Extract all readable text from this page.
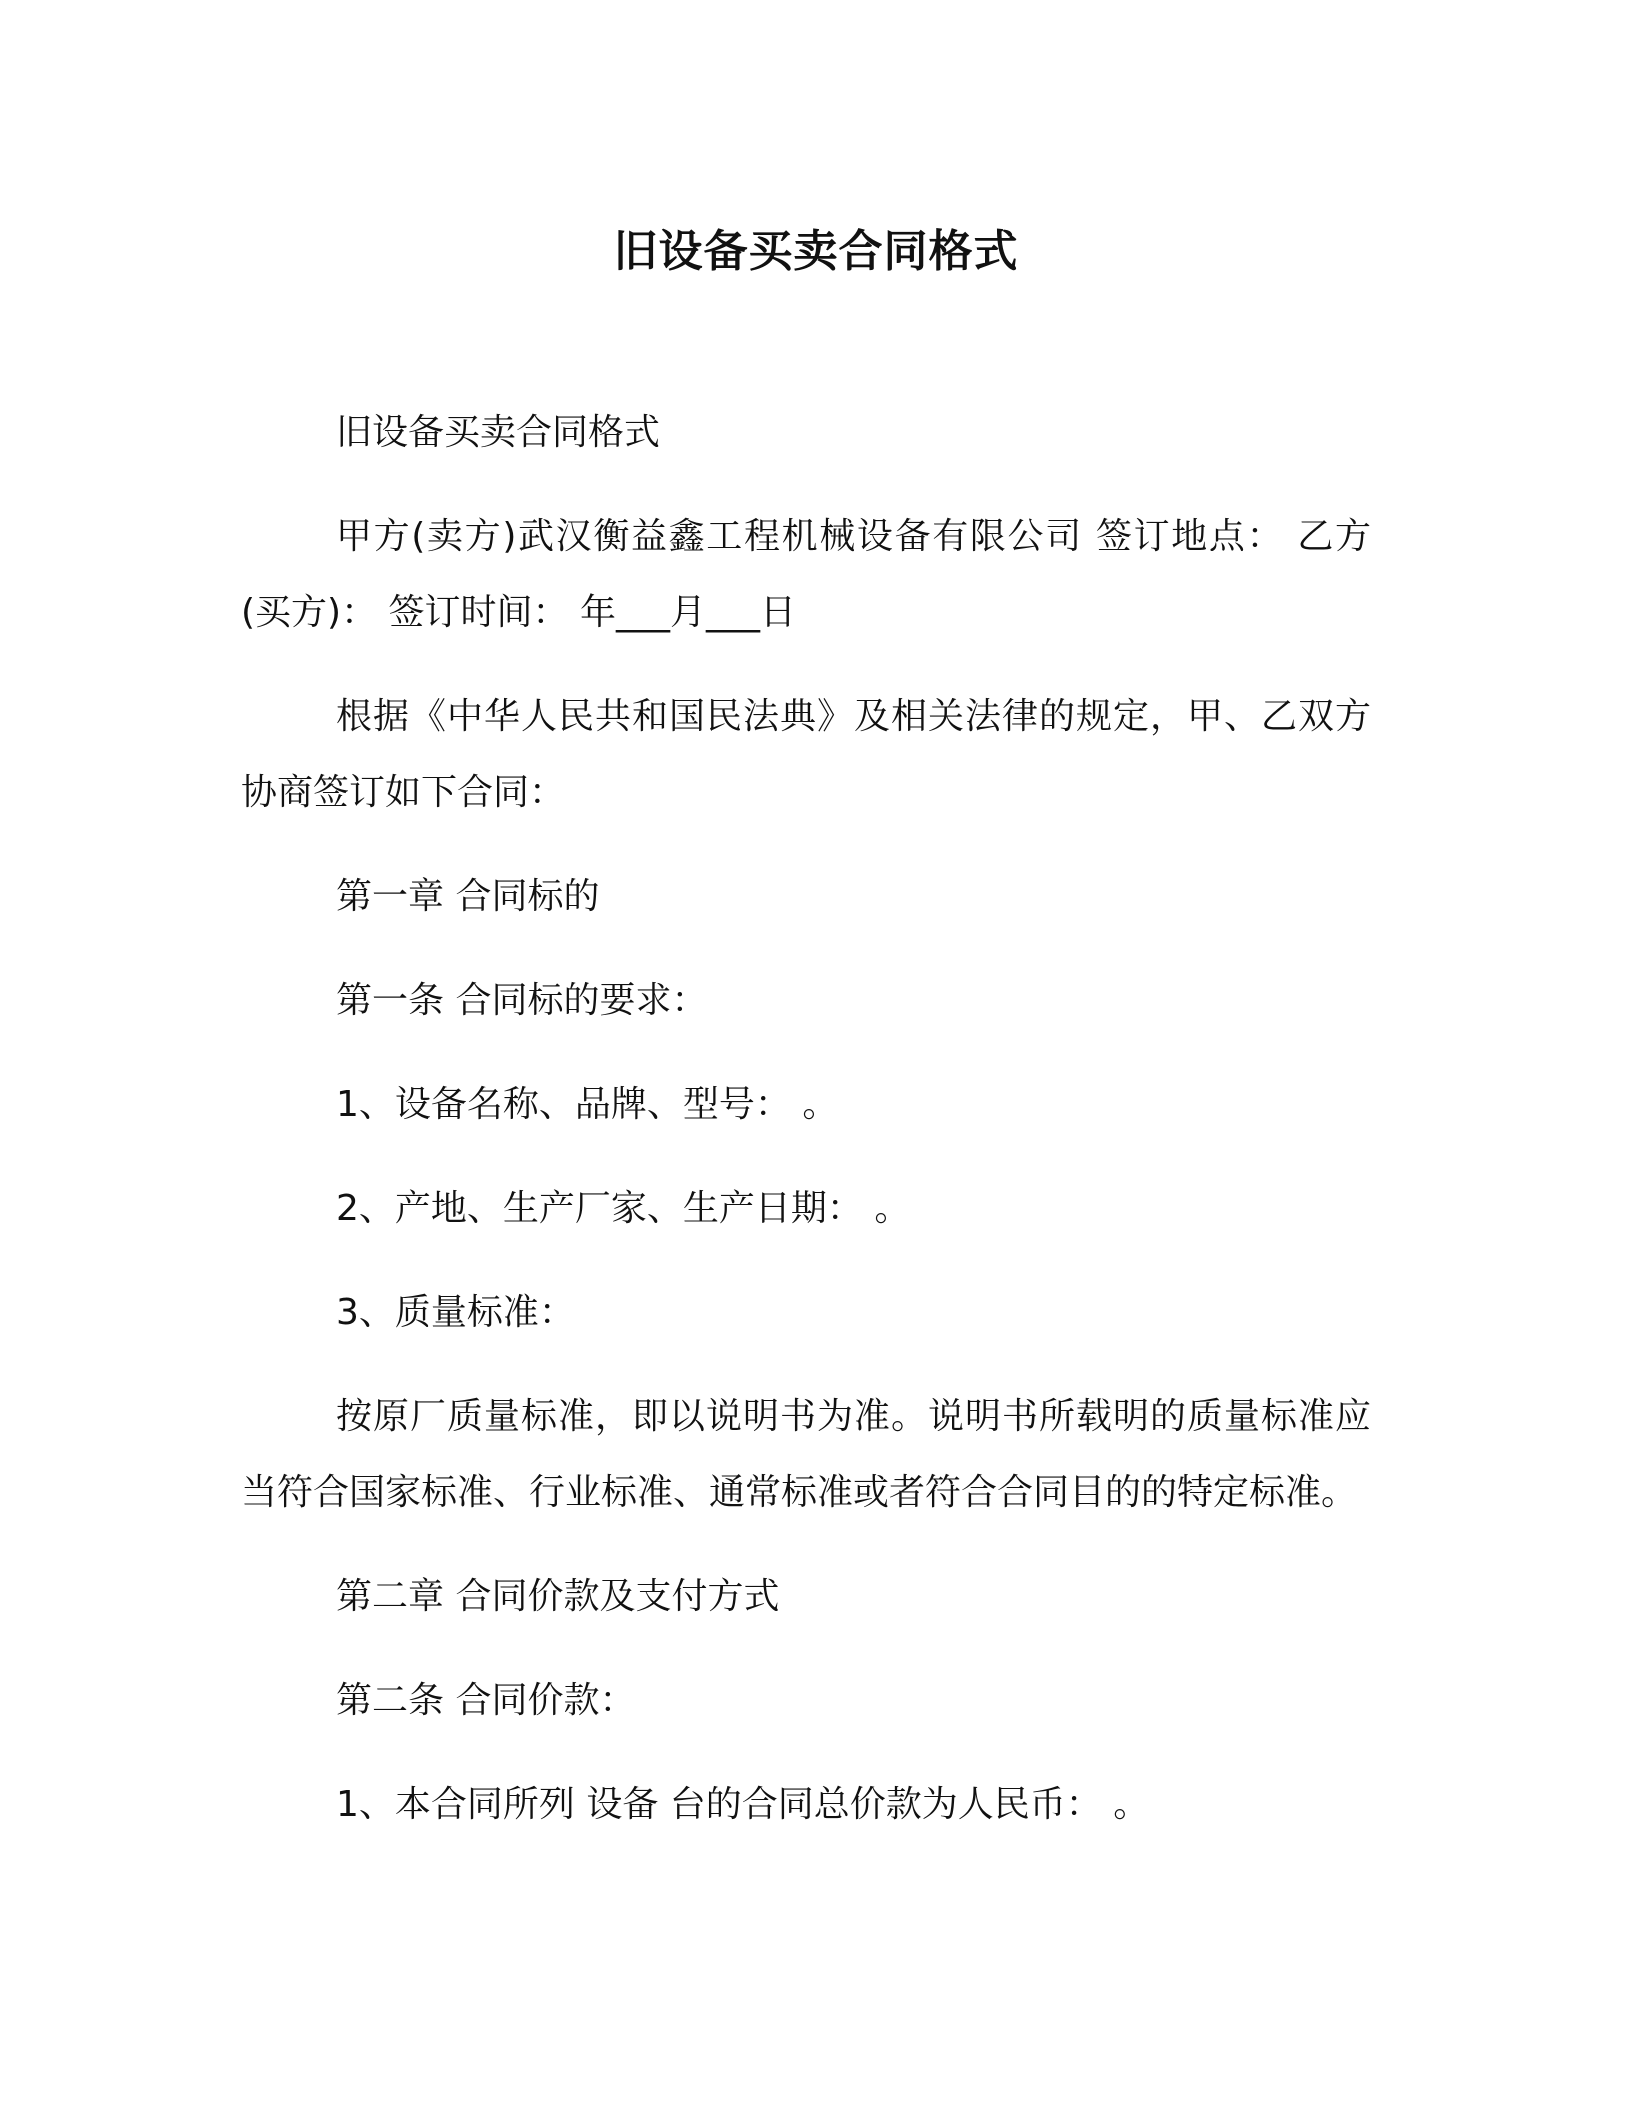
旧设备买卖合同格式

旧设备买卖合同格式

甲方(卖方)武汉衡益鑫工程机械设备有限公司 签订地点： 乙方(买方)： 签订时间： 年___月___日

根据《中华人民共和国民法典》及相关法律的规定，甲、乙双方协商签订如下合同：

第一章 合同标的

第一条 合同标的要求：

1、设备名称、品牌、型号： 。

2、产地、生产厂家、生产日期： 。

3、质量标准：

按原厂质量标准，即以说明书为准。说明书所载明的质量标准应当符合国家标准、行业标准、通常标准或者符合合同目的的特定标准。

第二章 合同价款及支付方式

第二条 合同价款：

1、本合同所列 设备 台的合同总价款为人民币： 。
